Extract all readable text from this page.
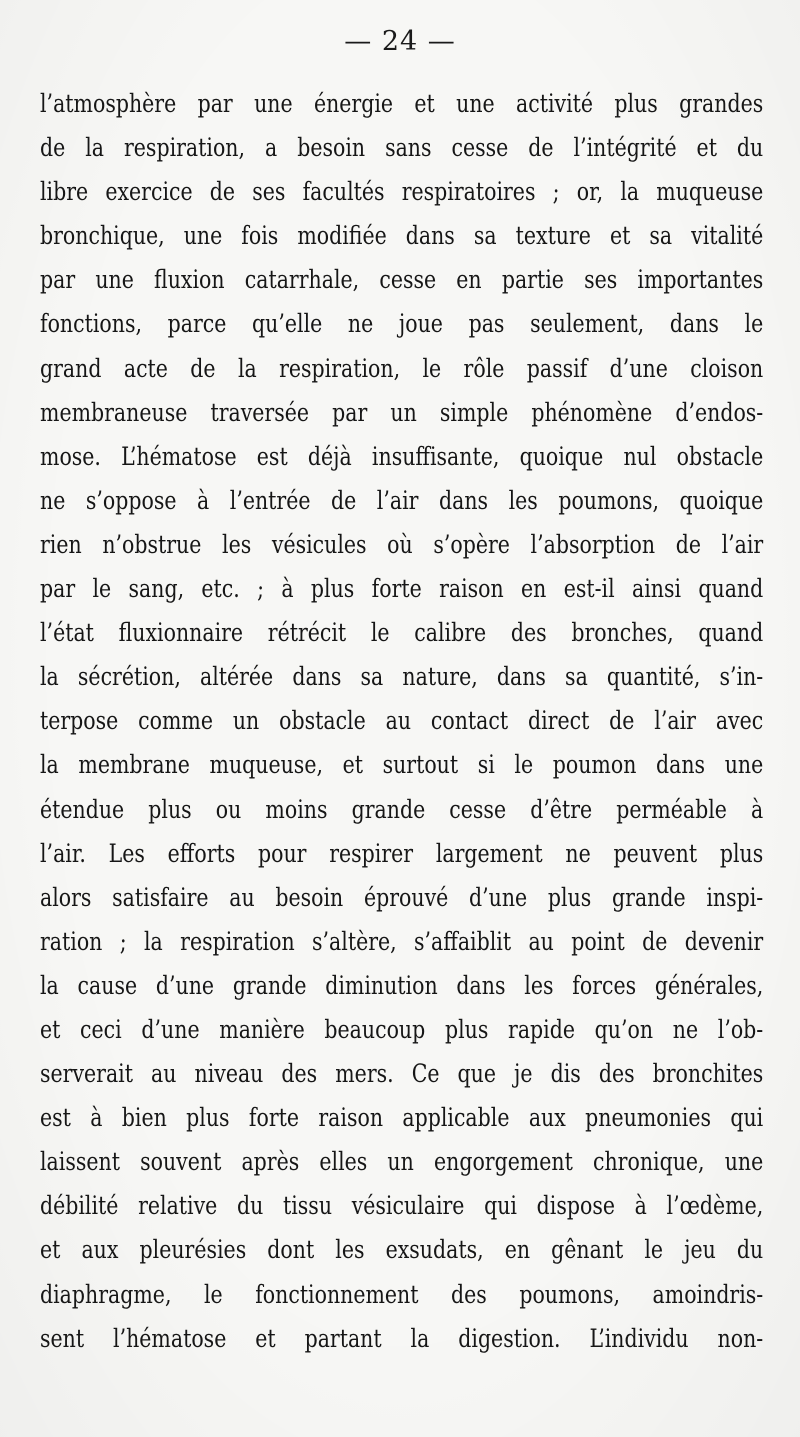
— 24 —
l’atmosphère par une énergie et une activité plus grandes
de la respiration, a besoin sans cesse de l’intégrité et du
libre exercice de ses facultés respiratoires ; or, la muqueuse
bronchique, une fois modifiée dans sa texture et sa vitalité
par une fluxion catarrhale, cesse en partie ses importantes
fonctions, parce qu’elle ne joue pas seulement, dans le
grand acte de la respiration, le rôle passif d’une cloison
membraneuse traversée par un simple phénomène d’endos-
mose. L’hématose est déjà insuffisante, quoique nul obstacle
ne s’oppose à l’entrée de l’air dans les poumons, quoique
rien n’obstrue les vésicules où s’opère l’absorption de l’air
par le sang, etc. ; à plus forte raison en est-il ainsi quand
l’état fluxionnaire rétrécit le calibre des bronches, quand
la sécrétion, altérée dans sa nature, dans sa quantité, s’in-
terpose comme un obstacle au contact direct de l’air avec
la membrane muqueuse, et surtout si le poumon dans une
étendue plus ou moins grande cesse d’être perméable à
l’air. Les efforts pour respirer largement ne peuvent plus
alors satisfaire au besoin éprouvé d’une plus grande inspi-
ration ; la respiration s’altère, s’affaiblit au point de devenir
la cause d’une grande diminution dans les forces générales,
et ceci d’une manière beaucoup plus rapide qu’on ne l’ob-
serverait au niveau des mers. Ce que je dis des bronchites
est à bien plus forte raison applicable aux pneumonies qui
laissent souvent après elles un engorgement chronique, une
débilité relative du tissu vésiculaire qui dispose à l’œdème,
et aux pleurésies dont les exsudats, en gênant le jeu du
diaphragme, le fonctionnement des poumons, amoindris-
sent l’hématose et partant la digestion. L’individu non-
